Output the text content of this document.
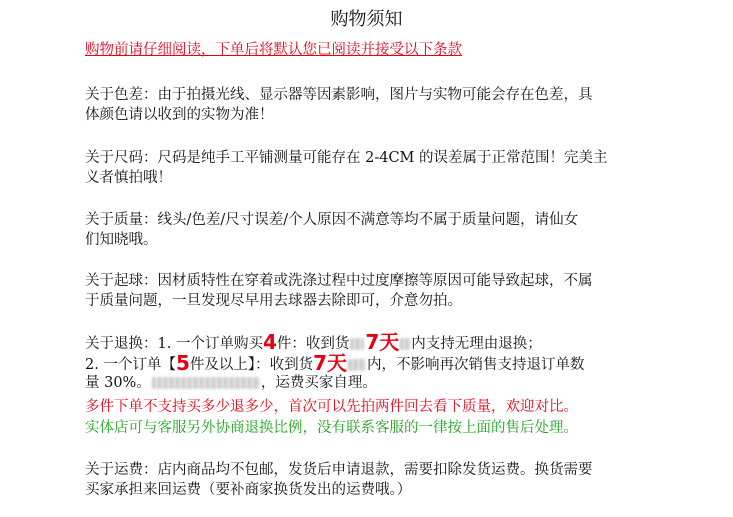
购物须知
购物前请仔细阅读，下单后将默认您已阅读并接受以下条款
关于色差：由于拍摄光线、显示器等因素影响，图片与实物可能会存在色差，具
体颜色请以收到的实物为准！
关于尺码：尺码是纯手工平铺测量可能存在 2-4CM 的误差属于正常范围！完美主
义者慎拍哦！
关于质量：线头/色差/尺寸误差/个人原因不满意等均不属于质量问题，请仙女
们知晓哦。
关于起球：因材质特性在穿着或洗涤过程中过度摩擦等原因可能导致起球，不属
于质量问题，一旦发现尽早用去球器去除即可，介意勿拍。
关于退换：1. 一个订单购买4件：收到货 7天 内支持无理由退换；
2. 一个订单【5件及以上】：收到货7天 内，不影响再次销售支持退订单数
量 30%。	，运费买家自理。
多件下单不支持买多少退多少，首次可以先拍两件回去看下质量，欢迎对比。
实体店可与客服另外协商退换比例，没有联系客服的一律按上面的售后处理。
关于运费：店内商品均不包邮，发货后申请退款，需要扣除发货运费。换货需要
买家承担来回运费（要补商家换货发出的运费哦。）
